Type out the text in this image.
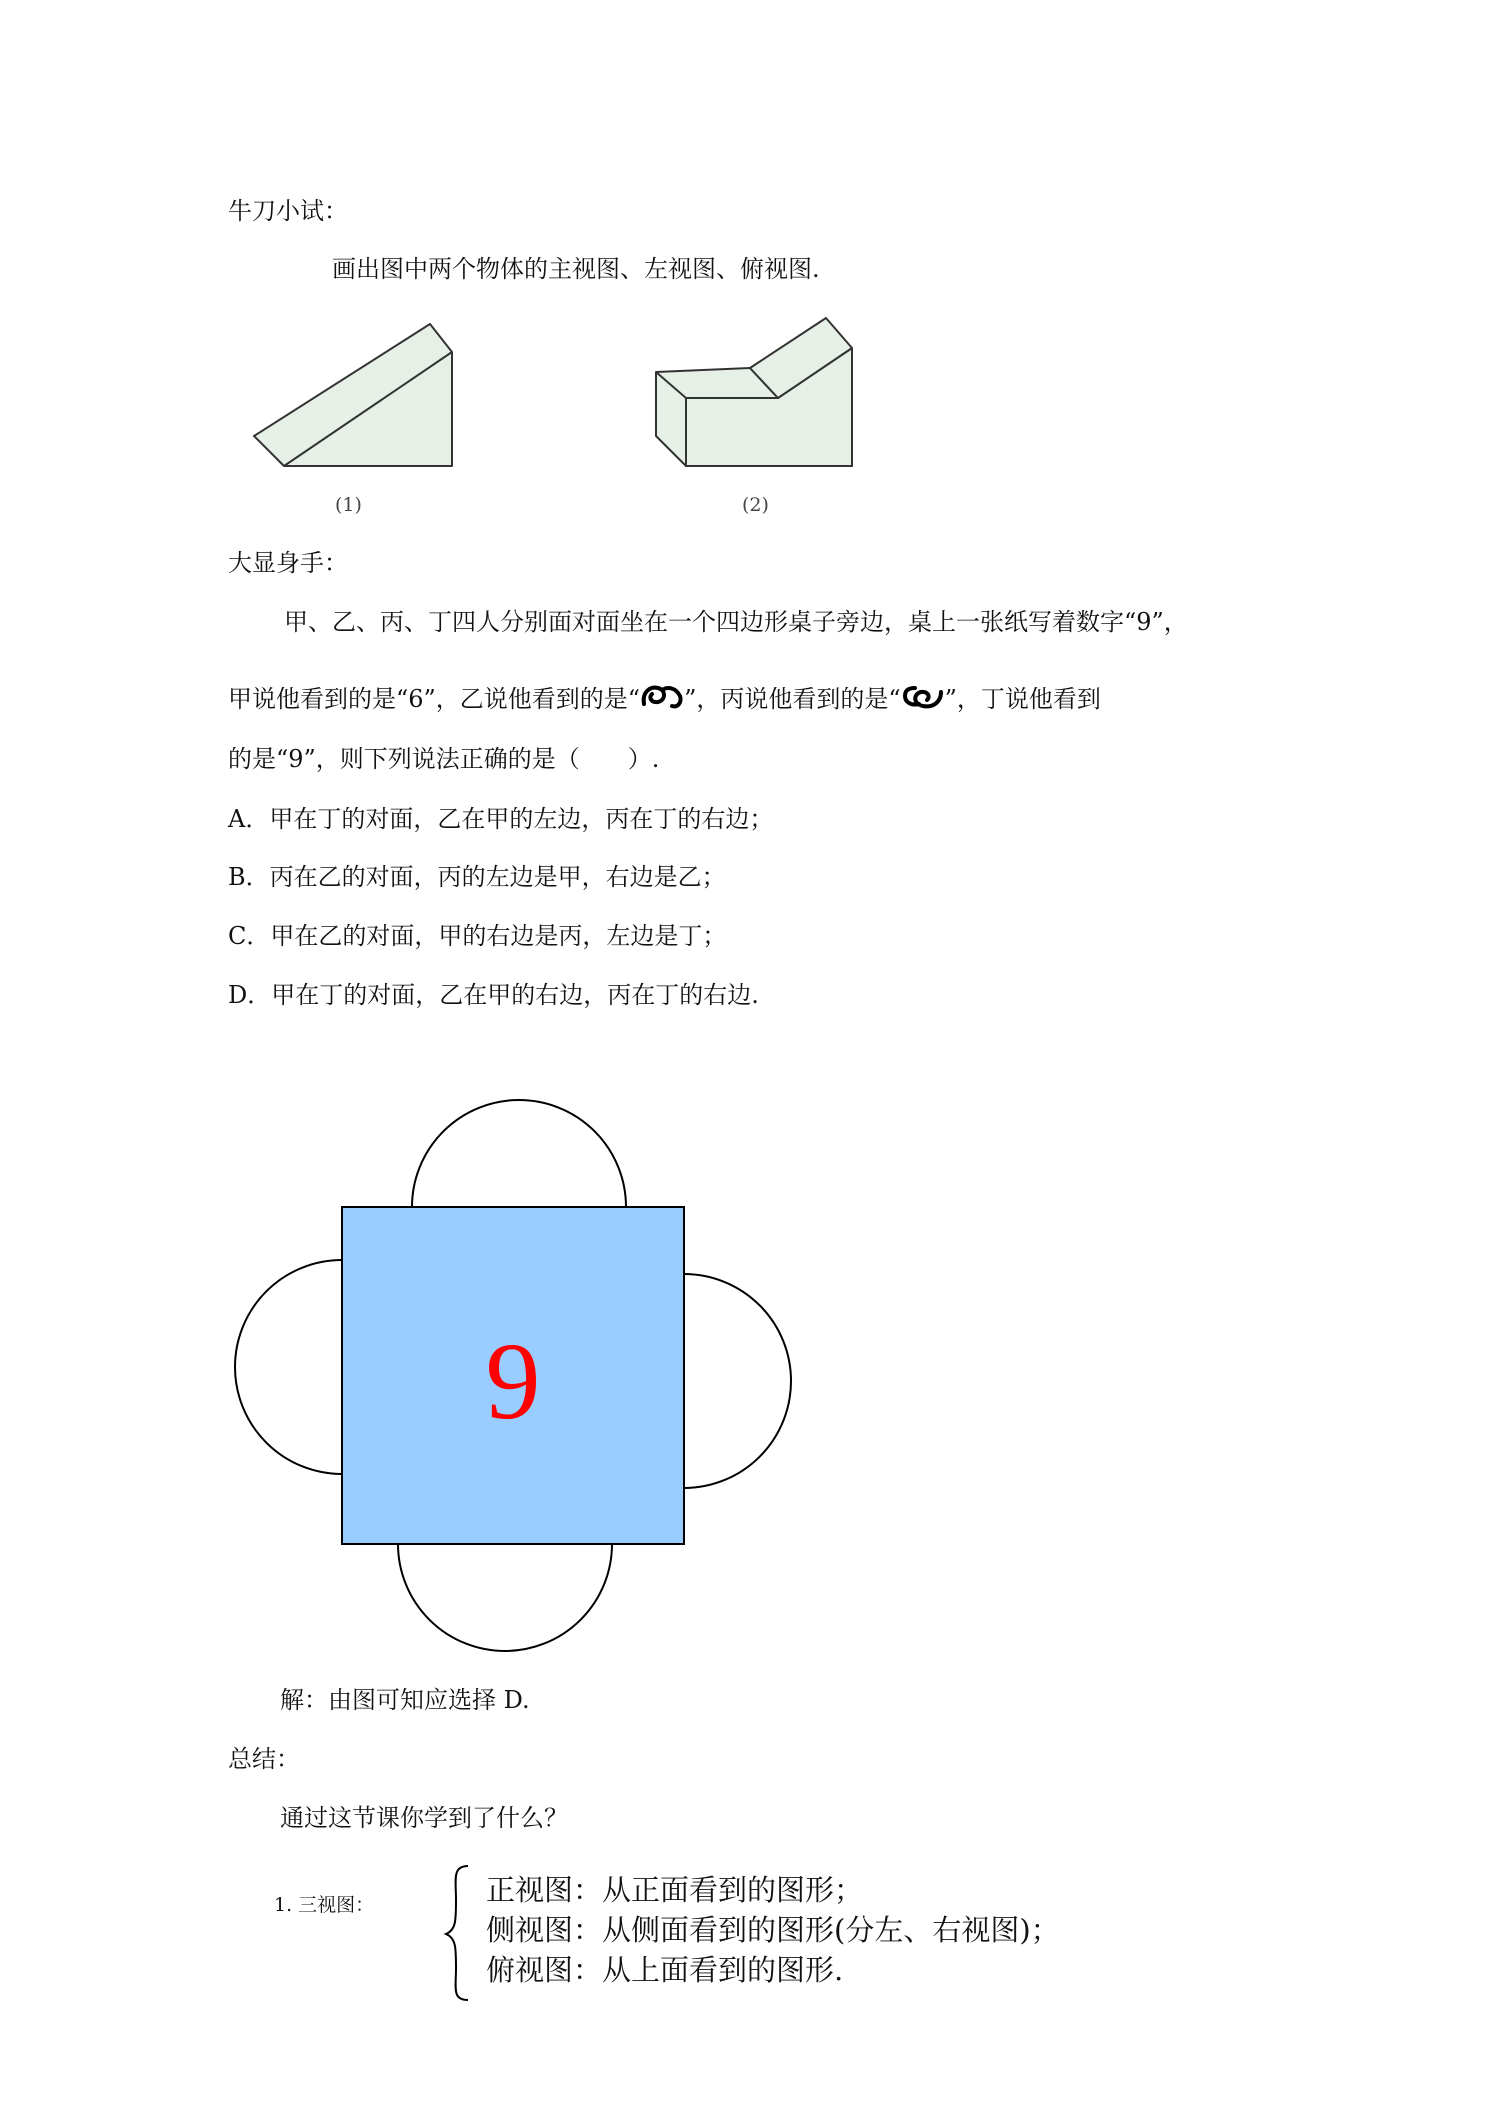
牛刀小试：
画出图中两个物体的主视图、左视图、俯视图.
(1)	(2)
大显身手：
甲、乙、丙、丁四人分别面对面坐在一个四边形桌子旁边，桌上一张纸写着数字“9”，
甲说他看到的是“6”，乙说他看到的是“ ”，丙说他看到的是“ ”，丁说他看到
的是“9”，则下列说法正确的是（　　）.
A．甲在丁的对面，乙在甲的左边，丙在丁的右边；
B．丙在乙的对面，丙的左边是甲，右边是乙；
C．甲在乙的对面，甲的右边是丙，左边是丁；
D．甲在丁的对面，乙在甲的右边，丙在丁的右边.
9
解：由图可知应选择 D.
总结：
通过这节课你学到了什么？
1. 三视图：	正视图：从正面看到的图形；
侧视图：从侧面看到的图形(分左、右视图)；
俯视图：从上面看到的图形.
